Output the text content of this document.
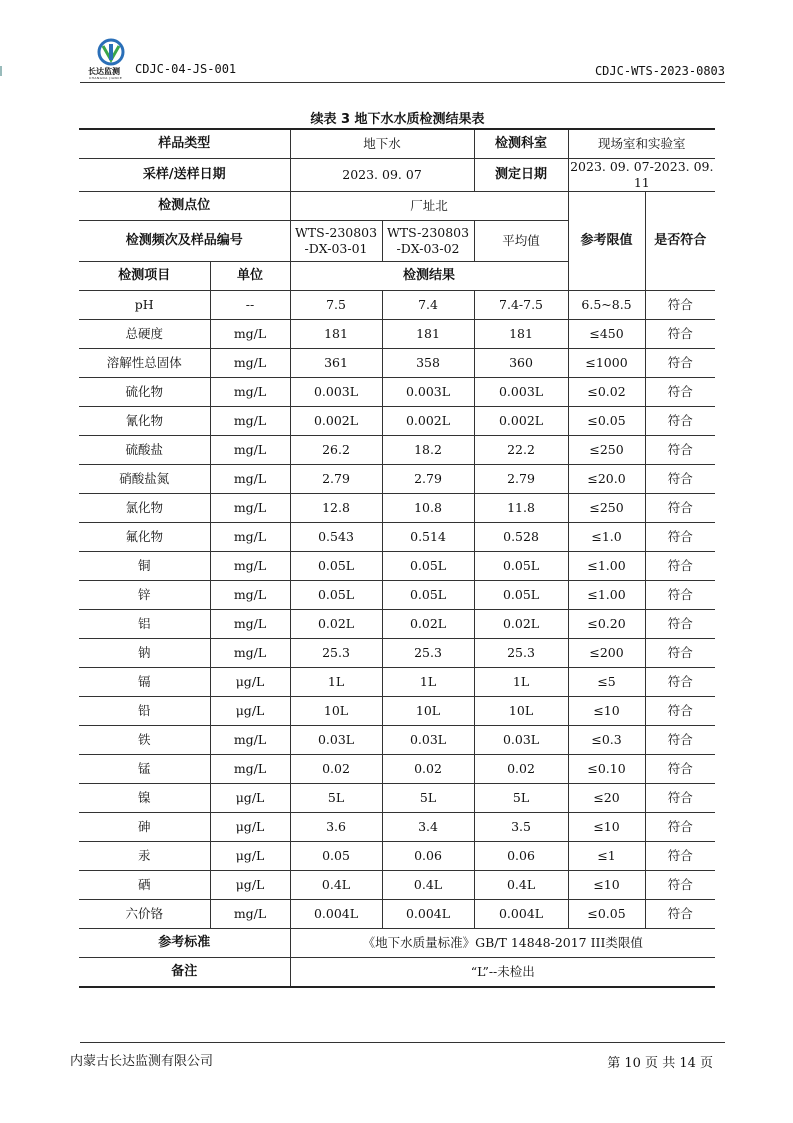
长达监测
CHANGDA JIANCE
CDJC-04-JS-001	CDJC-WTS-2023-0803
续表 3 地下水水质检测结果表
样品类型		地下水		检测科室	现场室和实验室	
采样/送样日期		2023. 09. 07		测定日期	2023. 09. 07-2023. 09. 11	
检测点位		厂址北			参考限值	是否符合
检测频次及样品编号		WTS-230803
-DX-03-01	WTS-230803
-DX-03-02	平均值		
检测项目	单位	检测结果				
pH	--	7.5	7.4	7.4-7.5	6.5~8.5	符合
总硬度	mg/L	181	181	181	≤450	符合
溶解性总固体	mg/L	361	358	360	≤1000	符合
硫化物	mg/L	0.003L	0.003L	0.003L	≤0.02	符合
氰化物	mg/L	0.002L	0.002L	0.002L	≤0.05	符合
硫酸盐	mg/L	26.2	18.2	22.2	≤250	符合
硝酸盐氮	mg/L	2.79	2.79	2.79	≤20.0	符合
氯化物	mg/L	12.8	10.8	11.8	≤250	符合
氟化物	mg/L	0.543	0.514	0.528	≤1.0	符合
铜	mg/L	0.05L	0.05L	0.05L	≤1.00	符合
锌	mg/L	0.05L	0.05L	0.05L	≤1.00	符合
铝	mg/L	0.02L	0.02L	0.02L	≤0.20	符合
钠	mg/L	25.3	25.3	25.3	≤200	符合
镉	μg/L	1L	1L	1L	≤5	符合
铅	μg/L	10L	10L	10L	≤10	符合
铁	mg/L	0.03L	0.03L	0.03L	≤0.3	符合
锰	mg/L	0.02	0.02	0.02	≤0.10	符合
镍	μg/L	5L	5L	5L	≤20	符合
砷	μg/L	3.6	3.4	3.5	≤10	符合
汞	μg/L	0.05	0.06	0.06	≤1	符合
硒	μg/L	0.4L	0.4L	0.4L	≤10	符合
六价铬	mg/L	0.004L	0.004L	0.004L	≤0.05	符合
参考标准		《地下水质量标准》GB/T 14848-2017 III类限值				
备注		“L”--未检出				
内蒙古长达监测有限公司	第 10 页 共 14 页
